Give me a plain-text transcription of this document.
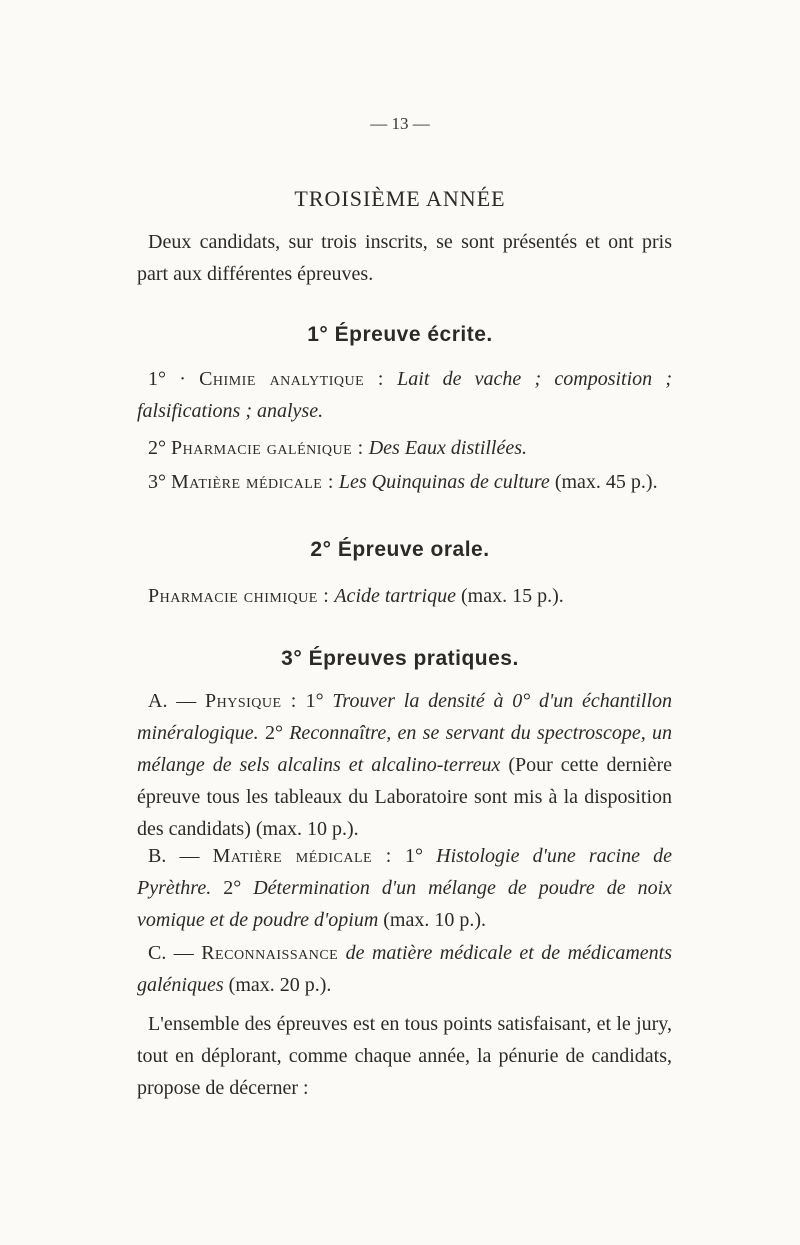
— 13 —
TROISIÈME ANNÉE

Deux candidats, sur trois inscrits, se sont présentés et ont pris part aux différentes épreuves.

1° Épreuve écrite.

1° · Chimie analytique : Lait de vache ; composition ; falsifications ; analyse.

2° Pharmacie galénique : Des Eaux distillées.

3° Matière médicale : Les Quinquinas de culture (max. 45 p.).

2° Épreuve orale.

Pharmacie chimique : Acide tartrique (max. 15 p.).

3° Épreuves pratiques.

A. — Physique : 1° Trouver la densité à 0° d'un échantillon minéralogique. 2° Reconnaître, en se servant du spectroscope, un mélange de sels alcalins et alcalino-terreux (Pour cette dernière épreuve tous les tableaux du Laboratoire sont mis à la disposition des candidats) (max. 10 p.).

B. — Matière médicale : 1° Histologie d'une racine de Pyrèthre. 2° Détermination d'un mélange de poudre de noix vomique et de poudre d'opium (max. 10 p.).

C. — Reconnaissance de matière médicale et de médicaments galéniques (max. 20 p.).

L'ensemble des épreuves est en tous points satisfaisant, et le jury, tout en déplorant, comme chaque année, la pénurie de candidats, propose de décerner :
